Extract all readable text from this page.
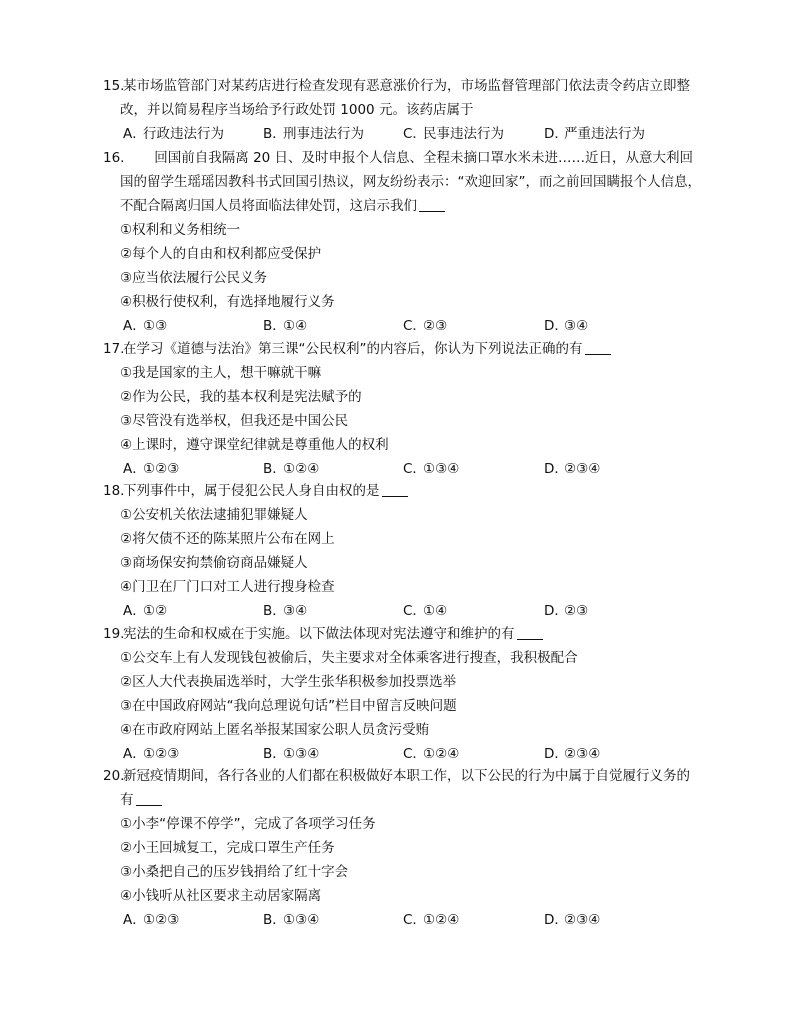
15.某市场监管部门对某药店进行检查发现有恶意涨价行为，市场监督管理部门依法责令药店立即整
改，并以简易程序当场给予行政处罚 1000 元。该药店属于
A．行政违法行为	B．刑事违法行为	C．民事违法行为	D．严重违法行为
16.　　 回国前自我隔离 20 日、及时申报个人信息、全程未摘口罩水米未进……近日，从意大利回
国的留学生瑶瑶因教科书式回国引热议，网友纷纷表示：“欢迎回家”，而之前回国瞒报个人信息，
不配合隔离归国人员将面临法律处罚，这启示我们
①权利和义务相统一
②每个人的自由和权利都应受保护
③应当依法履行公民义务
④积极行使权利，有选择地履行义务
A．①③	B．①④	C．②③	D．③④
17.在学习《道德与法治》第三课“公民权利”的内容后，你认为下列说法正确的有
①我是国家的主人，想干嘛就干嘛
②作为公民，我的基本权利是宪法赋予的
③尽管没有选举权，但我还是中国公民
④上课时，遵守课堂纪律就是尊重他人的权利
A．①②③	B．①②④	C．①③④	D．②③④
18.下列事件中，属于侵犯公民人身自由权的是
①公安机关依法逮捕犯罪嫌疑人
②将欠债不还的陈某照片公布在网上
③商场保安拘禁偷窃商品嫌疑人
④门卫在厂门口对工人进行搜身检查
A．①②	B．③④	C．①④	D．②③
19.宪法的生命和权威在于实施。以下做法体现对宪法遵守和维护的有
①公交车上有人发现钱包被偷后，失主要求对全体乘客进行搜查，我积极配合
②区人大代表换届选举时，大学生张华积极参加投票选举
③在中国政府网站“我向总理说句话”栏目中留言反映问题
④在市政府网站上匿名举报某国家公职人员贪污受贿
A．①②③	B．①③④	C．①②④	D．②③④
20.新冠疫情期间，各行各业的人们都在积极做好本职工作，以下公民的行为中属于自觉履行义务的
有
①小李“停课不停学”，完成了各项学习任务
②小王回城复工，完成口罩生产任务
③小桑把自己的压岁钱捐给了红十字会
④小钱听从社区要求主动居家隔离
A．①②③	B．①③④	C．①②④	D．②③④
